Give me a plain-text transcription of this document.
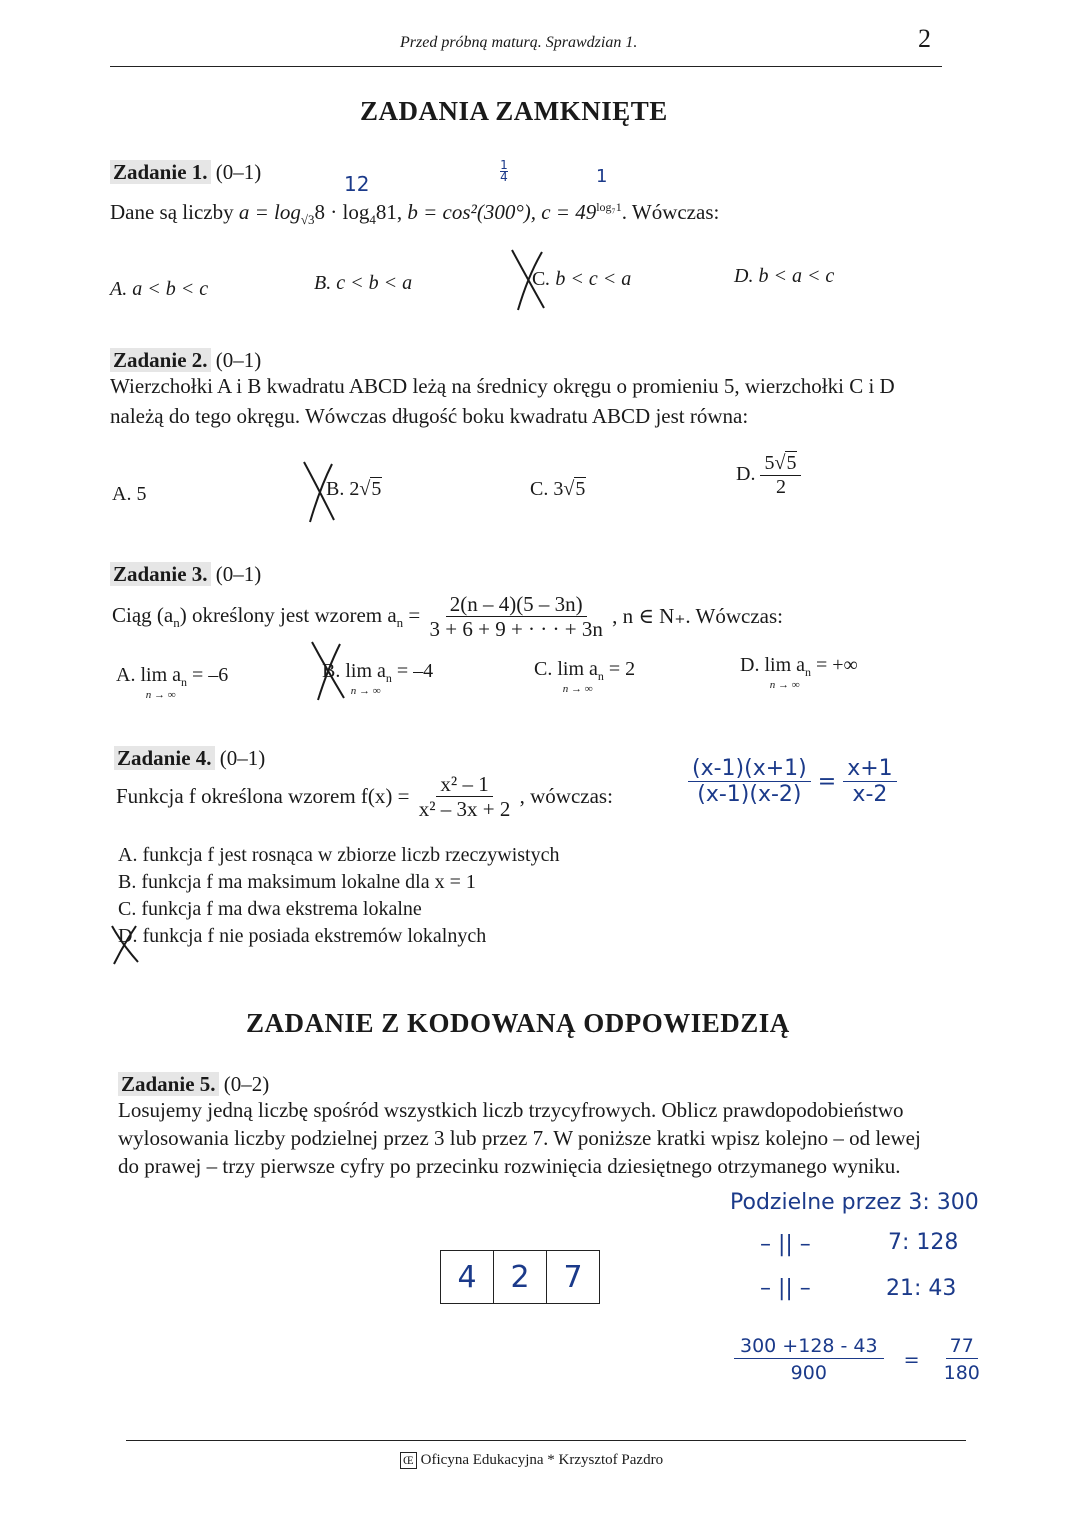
Przed próbną maturą. Sprawdzian 1.	2
ZADANIA ZAMKNIĘTE
Zadanie 1. (0–1)	12
1
4	1
Dane są liczby $a = \log_{√3}8 \cdot \log_481$, b = cos²(300°), $c = 49^{log_71}$. Wówczas:
A. a < b < c	B. c < b < a	C. b < c < a	D. b < a < c
Zadanie 2. (0–1)
Wierzchołki A i B kwadratu ABCD leżą na średnicy okręgu o promieniu 5, wierzchołki C i D
należą do tego okręgu. Wówczas długość boku kwadratu ABCD jest równa:
A. 5	B. 2√5	C. 3√5
D. $\frac{5√5}{2}$
Zadanie 3. (0–1)
Ciąg $(a_n)$ określony jest wzorem $a_n = \frac{2(n - 4)(5 - 3n)}{3 + 6 + 9 + \cdot \cdot \cdot + 3n}$ , n ∈ N₊. Wówczas:
A. lim a
n → ∞
$_n$ = –6	B. lim a
n → ∞
$_n$ = –4	C. lim a
n → ∞
$_n$ = 2	D. lim a
n → ∞
$_n$ = +∞
Zadanie 4. (0–1)
Funkcja f określona wzorem $f(x) = \frac{\text{x² – 1}}{\text{x² – 3x + 2}}$ , wówczas:	$\frac{(x-1)(x+1)}{(x-1)(x-2)} = \frac{x+1}{x-2}$
A. funkcja f jest rosnąca w zbiorze liczb rzeczywistych
B. funkcja f ma maksimum lokalne dla x = 1
C. funkcja f ma dwa ekstrema lokalne
D. funkcja f nie posiada ekstremów lokalnych
ZADANIE Z KODOWANĄ ODPOWIEDZIĄ
Zadanie 5. (0–2)
Losujemy jedną liczbę spośród wszystkich liczb trzycyfrowych. Oblicz prawdopodobieństwo
wylosowania liczby podzielnej przez 3 lub przez 7. W poniższe kratki wpisz kolejno – od lewej
do prawej – trzy pierwsze cyfry po przecinku rozwinięcia dziesiętnego otrzymanego wyniku.
4	2	7
Podzielne przez 3: 300
– || –	7: 128
– || –	21: 43
$\frac{300 +128 - 43}{900} = \frac{77}{180}$
Œ Oficyna Edukacyjna * Krzysztof Pazdro
